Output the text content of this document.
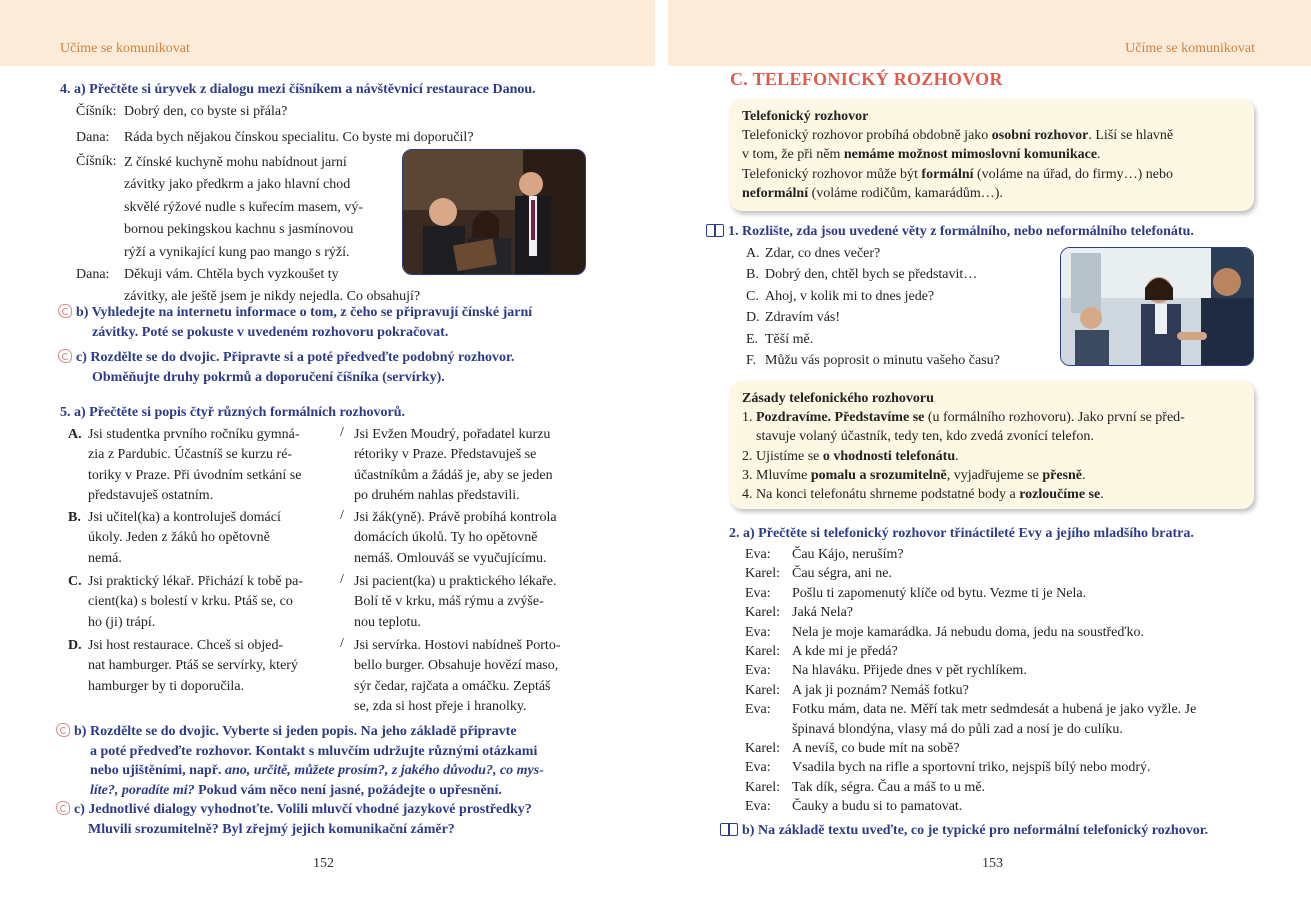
Učíme se komunikovat
4. a) Přečtěte si úryvek z dialogu mezi číšníkem a návštěvnicí restaurace Danou.
Číšník: Dobrý den, co byste si přála?
Dana:	Ráda bych nějakou čínskou specialitu. Co byste mi doporučil?
Číšník: Z čínské kuchyně mohu nabídnout jarní
závitky jako předkrm a jako hlavní chod
skvělé rýžové nudle s kuřecím masem, vý-
bornou pekingskou kachnu s jasmínovou
rýží a vynikající kung pao mango s rýží.
Dana:	Děkuji vám. Chtěla bych vyzkoušet ty
závitky, ale ještě jsem je nikdy nejedla. Co obsahují?
b) Vyhledejte na internetu informace o tom, z čeho se připravují čínské jarní
závitky. Poté se pokuste v uvedeném rozhovoru pokračovat.
c) Rozdělte se do dvojic. Připravte si a poté předveďte podobný rozhovor.
Obměňujte druhy pokrmů a doporučení číšníka (servírky).
5. a) Přečtěte si popis čtyř různých formálních rozhovorů.
A. Jsi studentka prvního ročníku gymná-
zia z Pardubic. Účastníš se kurzu ré-
toriky v Praze. Při úvodním setkání se
představuješ ostatním.
/ Jsi Evžen Moudrý, pořadatel kurzu
rétoriky v Praze. Představuješ se
účastníkům a žádáš je, aby se jeden
po druhém nahlas představili.
B. Jsi učitel(ka) a kontroluješ domácí
úkoly. Jeden z žáků ho opětovně
nemá.
/ Jsi žák(yně). Právě probíhá kontrola
domácích úkolů. Ty ho opětovně
nemáš. Omlouváš se vyučujícímu.
C. Jsi praktický lékař. Přichází k tobě pa-
cient(ka) s bolestí v krku. Ptáš se, co
ho (ji) trápí.
/ Jsi pacient(ka) u praktického lékaře.
Bolí tě v krku, máš rýmu a zvýše-
nou teplotu.
D. Jsi host restaurace. Chceš si objed-
nat hamburger. Ptáš se servírky, který
hamburger by ti doporučila.
/ Jsi servírka. Hostovi nabídneš Porto-
bello burger. Obsahuje hovězí maso,
sýr čedar, rajčata a omáčku. Zeptáš
se, zda si host přeje i hranolky.
b) Rozdělte se do dvojic. Vyberte si jeden popis. Na jeho základě připravte
a poté předveďte rozhovor. Kontakt s mluvčím udržujte různými otázkami
nebo ujištěními, např. ano, určitě, můžete prosím?, z jakého důvodu?, co mys-
líte?, poradíte mi? Pokud vám něco není jasné, požádejte o upřesnění.
c) Jednotlivé dialogy vyhodnoťte. Volili mluvčí vhodné jazykové prostředky?
Mluvili srozumitelně? Byl zřejmý jejich komunikační záměr?
152
Učíme se komunikovat
C. TELEFONICKÝ ROZHOVOR
Telefonický rozhovor
Telefonický rozhovor probíhá obdobně jako osobní rozhovor. Liší se hlavně
v tom, že při něm nemáme možnost mimoslovní komunikace.
Telefonický rozhovor může být formální (voláme na úřad, do firmy…) nebo
neformální (voláme rodičům, kamarádům…).
1. Rozlište, zda jsou uvedené věty z formálního, nebo neformálního telefonátu.
A. Zdar, co dnes večer?
B. Dobrý den, chtěl bych se představit…
C. Ahoj, v kolik mi to dnes jede?
D. Zdravím vás!
E. Těší mě.
F. Můžu vás poprosit o minutu vašeho času?
Zásady telefonického rozhovoru
1. Pozdravíme. Představíme se (u formálního rozhovoru). Jako první se před-
stavuje volaný účastník, tedy ten, kdo zvedá zvonící telefon.
2. Ujistíme se o vhodnosti telefonátu.
3. Mluvíme pomalu a srozumitelně, vyjadřujeme se přesně.
4. Na konci telefonátu shrneme podstatné body a rozloučíme se.
2. a) Přečtěte si telefonický rozhovor třináctileté Evy a jejího mladšího bratra.
Eva:	Čau Kájo, neruším?
Karel: Čau ségra, ani ne.
Eva:	Pošlu ti zapomenutý klíče od bytu. Vezme ti je Nela.
Karel: Jaká Nela?
Eva:	Nela je moje kamarádka. Já nebudu doma, jedu na soustřeďko.
Karel: A kde mi je předá?
Eva:	Na hlaváku. Přijede dnes v pět rychlíkem.
Karel: A jak ji poznám? Nemáš fotku?
Eva:	Fotku mám, data ne. Měří tak metr sedmdesát a hubená je jako vyžle. Je
špinavá blondýna, vlasy má do půli zad a nosí je do culíku.
Karel: A nevíš, co bude mít na sobě?
Eva:	Vsadila bych na rifle a sportovní triko, nejspíš bílý nebo modrý.
Karel: Tak dík, ségra. Čau a máš to u mě.
Eva:	Čauky a budu si to pamatovat.
b) Na základě textu uveďte, co je typické pro neformální telefonický rozhovor.
153
